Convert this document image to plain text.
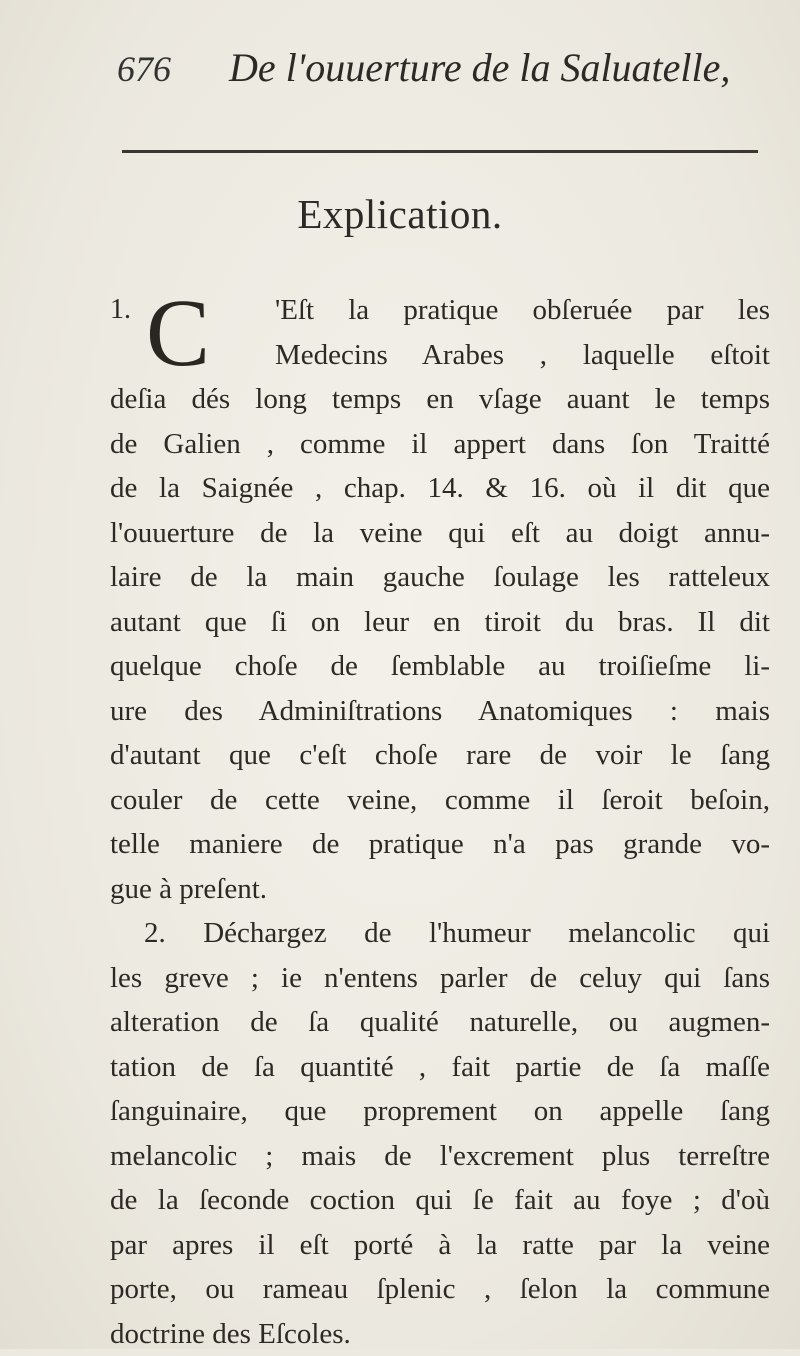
676 De l'ouuerture de la Saluatelle,
Explication.
1. C 'Eſt la pratique obſeruée par les
Medecins Arabes , laquelle eſtoit
deſia dés long temps en vſage auant le temps
de Galien , comme il appert dans ſon Traitté
de la Saignée , chap. 14. & 16. où il dit que
l'ouuerture de la veine qui eſt au doigt annu-
laire de la main gauche ſoulage les ratteleux
autant que ſi on leur en tiroit du bras. Il dit
quelque choſe de ſemblable au troiſieſme li-
ure des Adminiſtrations Anatomiques : mais
d'autant que c'eſt choſe rare de voir le ſang
couler de cette veine, comme il ſeroit beſoin,
telle maniere de pratique n'a pas grande vo-
gue à preſent.
2. Déchargez de l'humeur melancolic qui
les greve ; ie n'entens parler de celuy qui ſans
alteration de ſa qualité naturelle, ou augmen-
tation de ſa quantité , fait partie de ſa maſſe
ſanguinaire, que proprement on appelle ſang
melancolic ; mais de l'excrement plus terreſtre
de la ſeconde coction qui ſe fait au foye ; d'où
par apres il eſt porté à la ratte par la veine
porte, ou rameau ſplenic , ſelon la commune
doctrine des Eſcoles.
